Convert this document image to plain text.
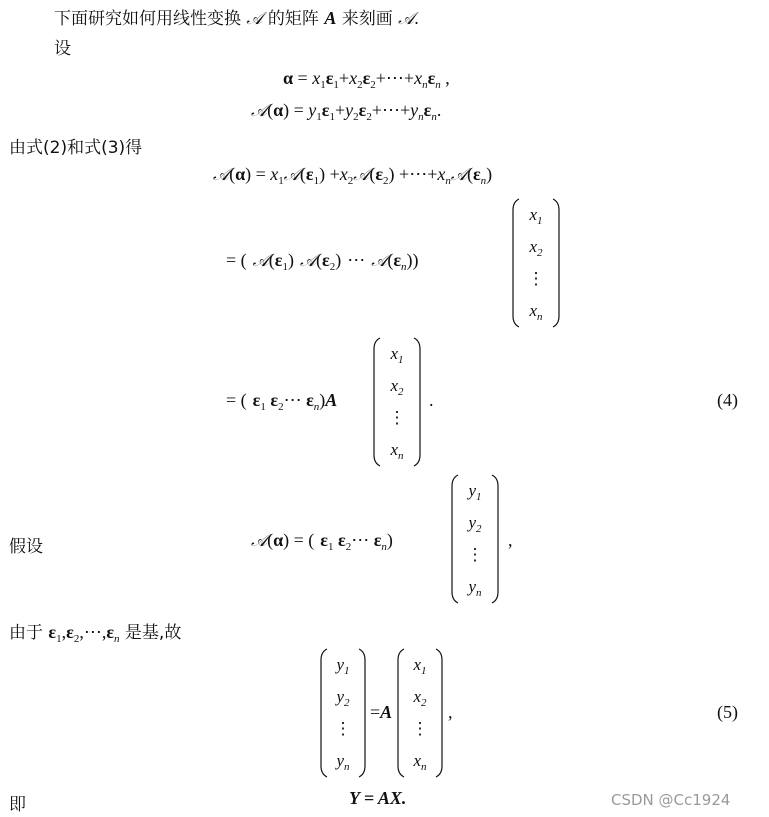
下面研究如何用线性变换 𝒜 的矩阵 A 来刻画 𝒜.
设
$\alpha = x_1\varepsilon_1+x_2\varepsilon_2+\cdots+x_n\varepsilon_n$ ,
𝒜(α) = $y_1\varepsilon_1+y_2\varepsilon_2+\cdots+y_n\varepsilon_n$.
由式(2)和式(3)得
𝒜(α) = $x_1𝒜(\varepsilon_1)$ $+x_2𝒜(\varepsilon_2)$ $+\cdots+x_n𝒜(\varepsilon_n)$
= ( $𝒜(\varepsilon_1)$ $𝒜(\varepsilon_2)$ ⋯ $𝒜(\varepsilon_n)$)
$x_1$
$x_2$
⋮
$x_n$
= ( $\varepsilon_1$ $\varepsilon_2\cdots$ $\varepsilon_n)A$
$x_1$
$x_2$
⋮
$x_n$
.	(4)
假设	𝒜(α) = ( $\varepsilon_1$ $\varepsilon_2\cdots$ $\varepsilon_n$)
$y_1$
$y_2$
⋮
$y_n$
,
由于 $\varepsilon_1,\varepsilon_2,\cdots,\varepsilon_n$ 是基,故
$y_1$
$y_2$
⋮
$y_n$
=A
$x_1$
$x_2$
⋮
$x_n$
,	(5)
即	Y = AX.	CSDN @Cc1924
